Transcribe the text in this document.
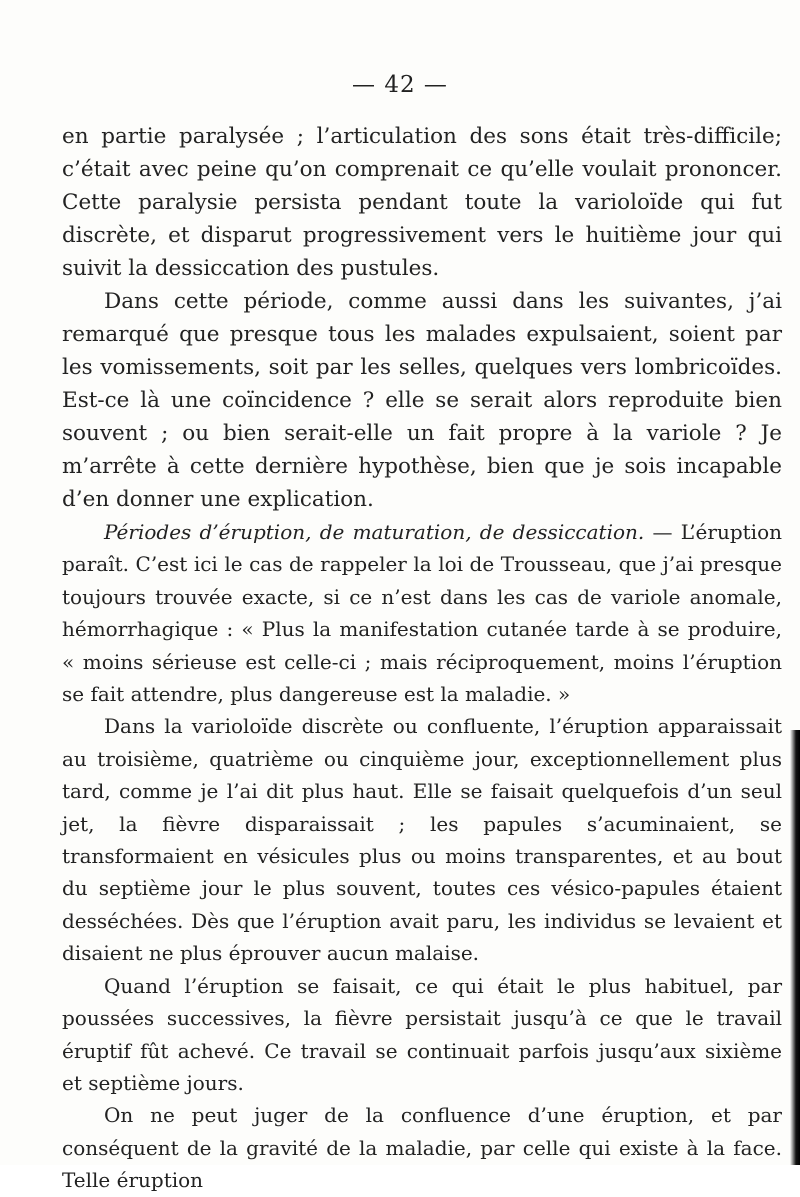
— 42 —

en partie paralysée ; l’articulation des sons était très-difficile; c’était avec peine qu’on comprenait ce qu’elle voulait prononcer. Cette paralysie persista pendant toute la varioloïde qui fut discrète, et disparut progressivement vers le huitième jour qui suivit la dessiccation des pustules.

Dans cette période, comme aussi dans les suivantes, j’ai remarqué que presque tous les malades expulsaient, soient par les vomissements, soit par les selles, quelques vers lombricoïdes. Est-ce là une coïncidence ? elle se serait alors reproduite bien souvent ; ou bien serait-elle un fait propre à la variole ? Je m’arrête à cette dernière hypothèse, bien que je sois incapable d’en donner une explication.

Périodes d’éruption, de maturation, de dessiccation. — L’éruption paraît. C’est ici le cas de rappeler la loi de Trousseau, que j’ai presque toujours trouvée exacte, si ce n’est dans les cas de variole anomale, hémorrhagique : « Plus la manifestation cutanée tarde à se produire, « moins sérieuse est celle-ci ; mais réciproquement, moins l’éruption se fait attendre, plus dangereuse est la maladie. »

Dans la varioloïde discrète ou confluente, l’éruption apparaissait au troisième, quatrième ou cinquième jour, exceptionnellement plus tard, comme je l’ai dit plus haut. Elle se faisait quelquefois d’un seul jet, la fièvre disparaissait ; les papules s’acuminaient, se transformaient en vésicules plus ou moins transparentes, et au bout du septième jour le plus souvent, toutes ces vésico-papules étaient desséchées. Dès que l’éruption avait paru, les individus se levaient et disaient ne plus éprouver aucun malaise.

Quand l’éruption se faisait, ce qui était le plus habituel, par poussées successives, la fièvre persistait jusqu’à ce que le travail éruptif fût achevé. Ce travail se continuait parfois jusqu’aux sixième et septième jours.

On ne peut juger de la confluence d’une éruption, et par conséquent de la gravité de la maladie, par celle qui existe à la face. Telle éruption
